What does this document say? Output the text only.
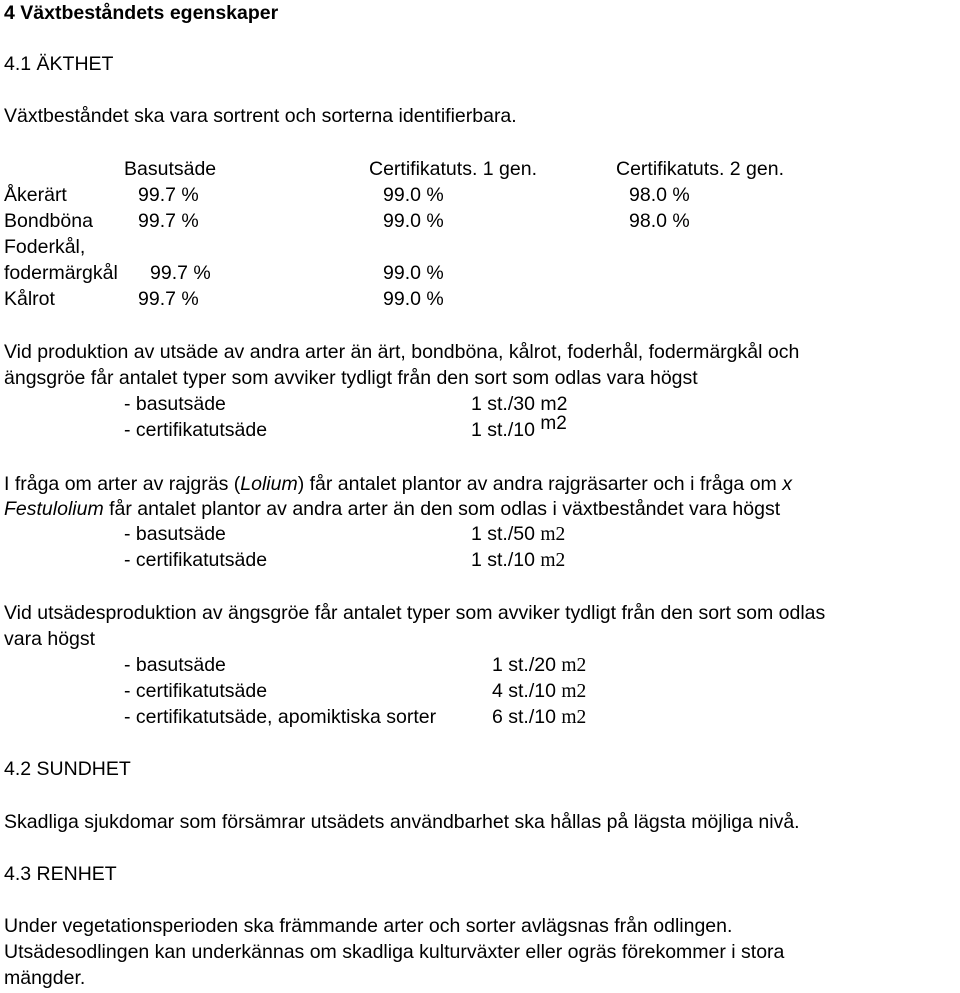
4 Växtbeståndets egenskaper
4.1 ÄKTHET
Växtbeståndet ska vara sortrent och sorterna identifierbara.
Basutsäde	Certifikatuts. 1 gen.	Certifikatuts. 2 gen.
Åkerärt	99.7 %	99.0 %	98.0 %
Bondböna 99.7 %	99.0 %	98.0 %
Foderkål,
fodermärgkål 99.7 %	99.0 %
Kålrot	99.7 %	99.0 %
Vid produktion av utsäde av andra arter än ärt, bondböna, kålrot, foderhål, fodermärgkål och
ängsgröe får antalet typer som avviker tydligt från den sort som odlas vara högst
- basutsäde	1 st./30 m2
- certifikatutsäde	1 st./10 m2
I fråga om arter av rajgräs (Lolium) får antalet plantor av andra rajgräsarter och i fråga om x
Festulolium får antalet plantor av andra arter än den som odlas i växtbeståndet vara högst
- basutsäde	1 st./50 m2
- certifikatutsäde	1 st./10 m2
Vid utsädesproduktion av ängsgröe får antalet typer som avviker tydligt från den sort som odlas
vara högst
- basutsäde	1 st./20 m2
- certifikatutsäde	4 st./10 m2
- certifikatutsäde, apomiktiska sorter	6 st./10 m2
4.2 SUNDHET
Skadliga sjukdomar som försämrar utsädets användbarhet ska hållas på lägsta möjliga nivå.
4.3 RENHET
Under vegetationsperioden ska främmande arter och sorter avlägsnas från odlingen.
Utsädesodlingen kan underkännas om skadliga kulturväxter eller ogräs förekommer i stora
mängder.
